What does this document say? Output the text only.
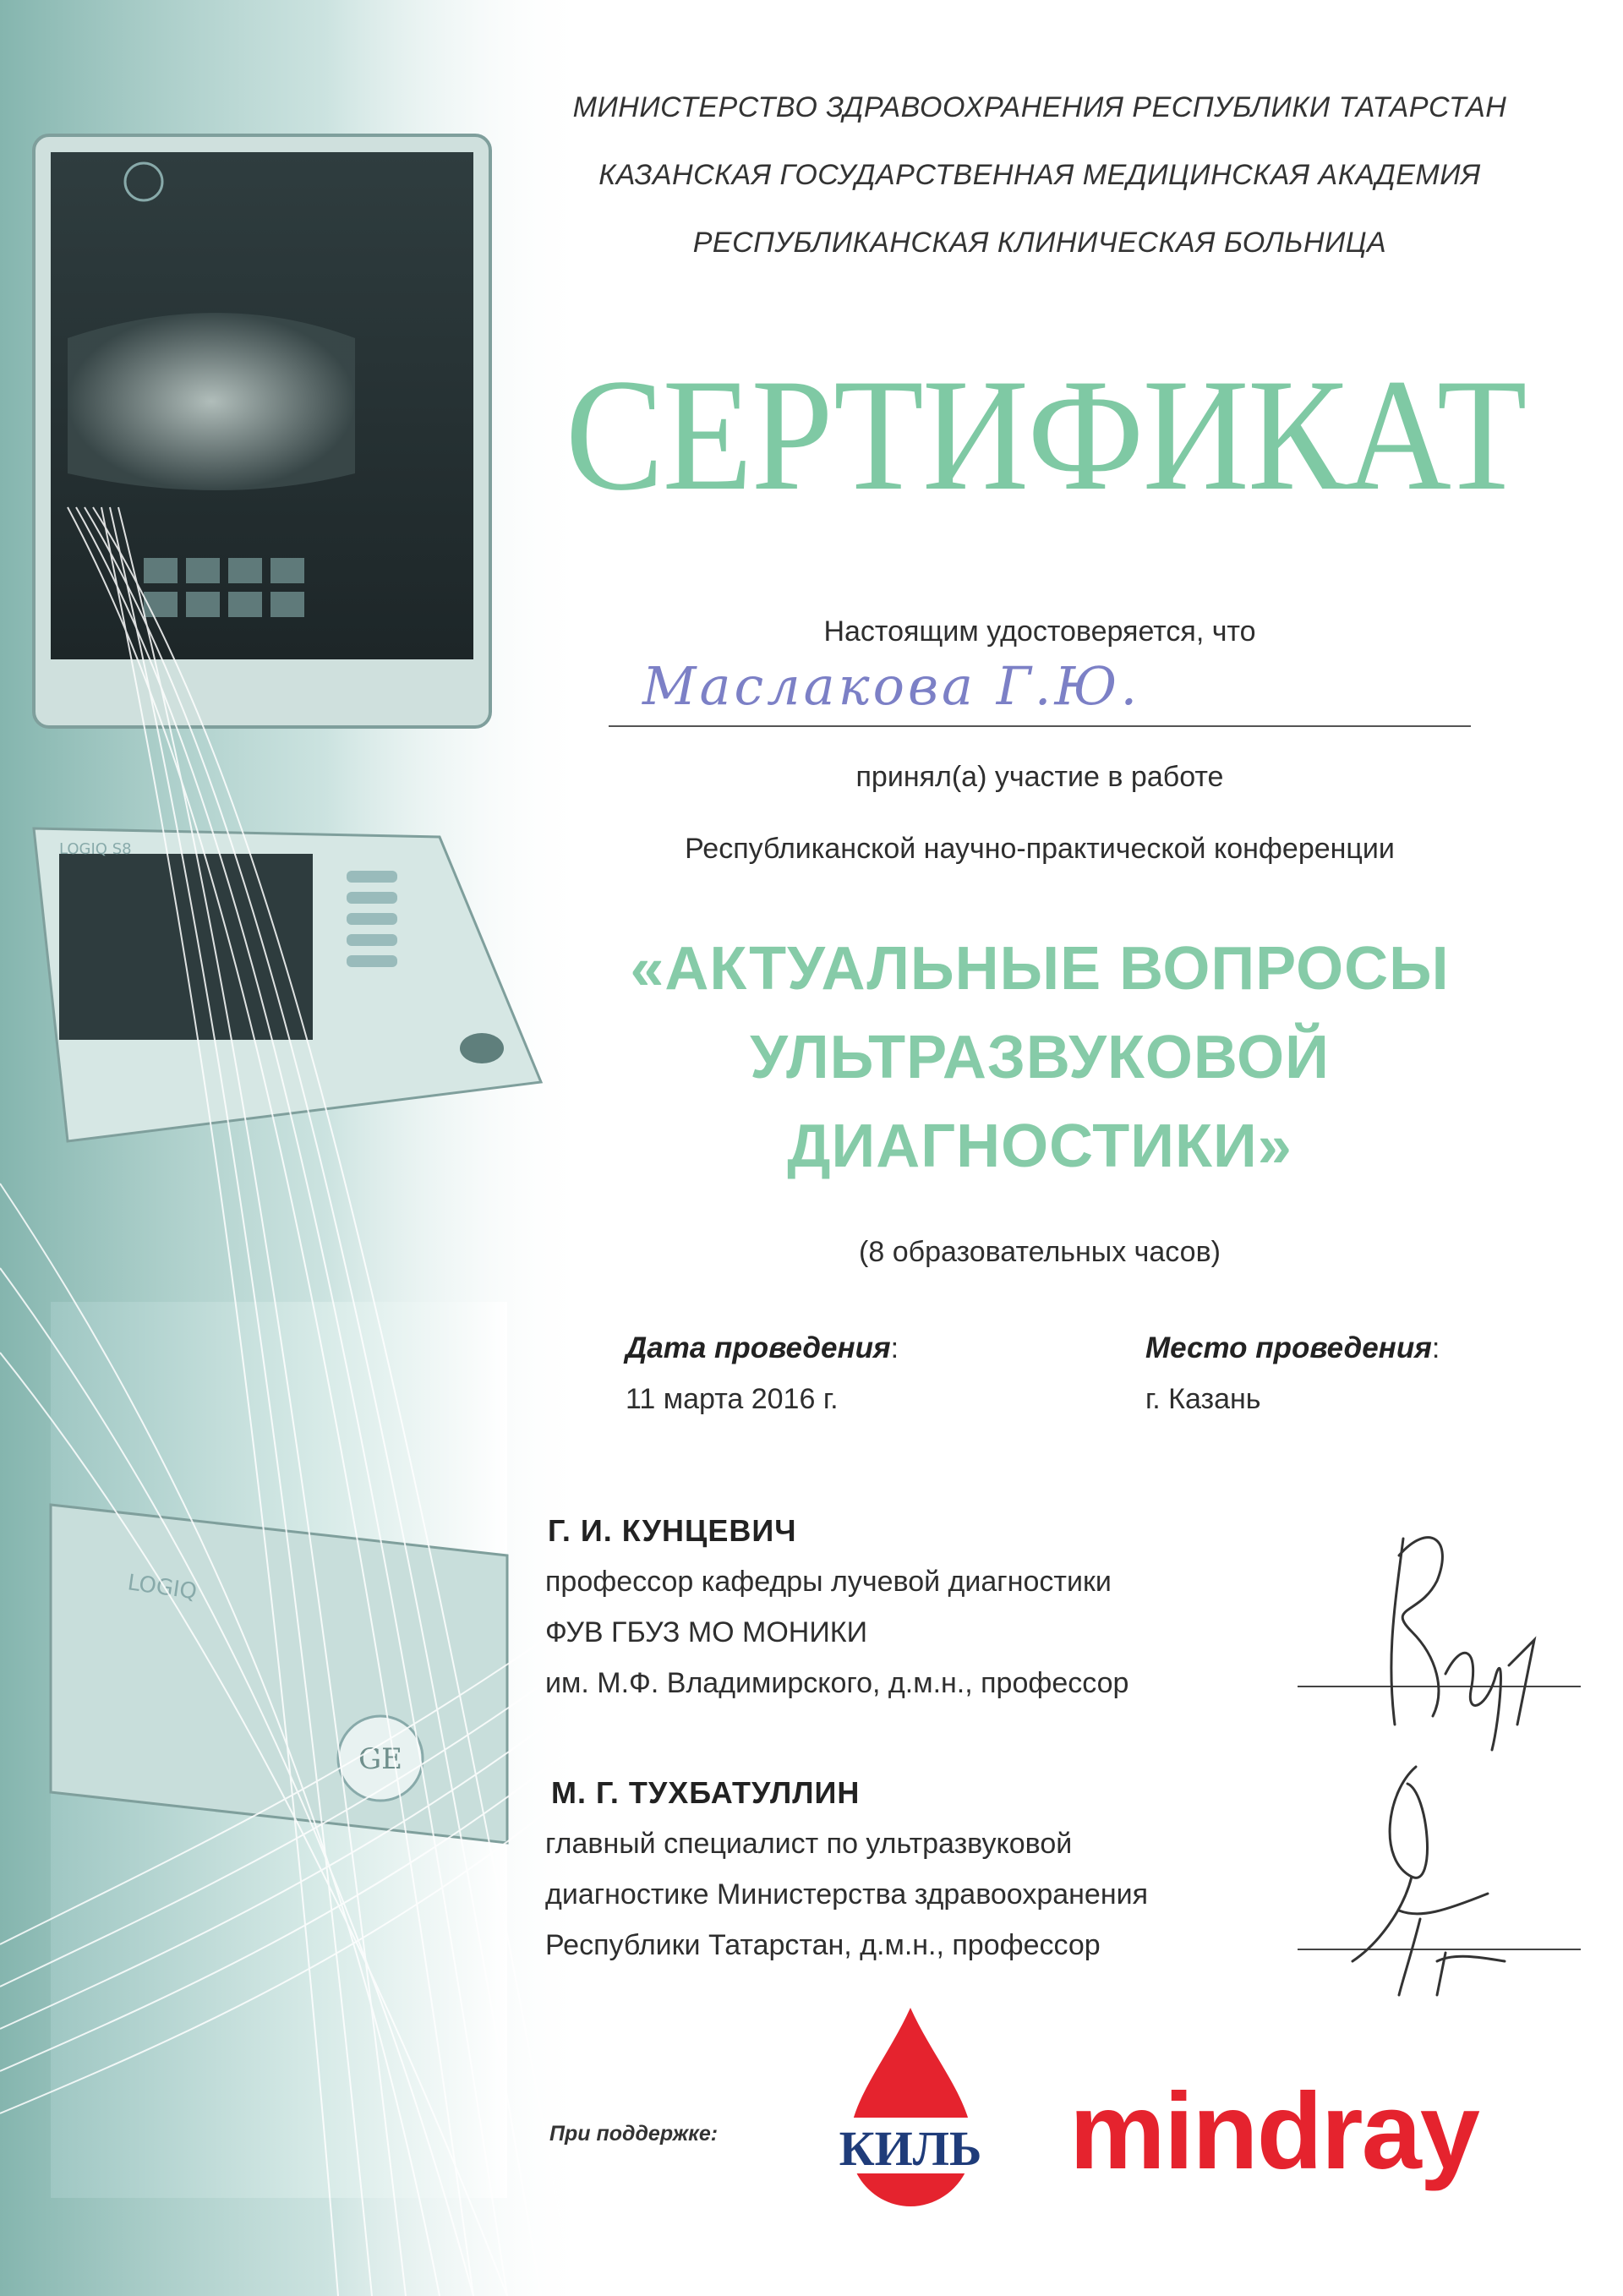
GE
LOGIQ
LOGIQ S8
МИНИСТЕРСТВО ЗДРАВООХРАНЕНИЯ РЕСПУБЛИКИ ТАТАРСТАН
КАЗАНСКАЯ ГОСУДАРСТВЕННАЯ МЕДИЦИНСКАЯ АКАДЕМИЯ
РЕСПУБЛИКАНСКАЯ КЛИНИЧЕСКАЯ БОЛЬНИЦА
СЕРТИФИКАТ
Настоящим удостоверяется, что
Маслакова Г.Ю.
принял(а) участие в работе
Республиканской научно-практической конференции
«АКТУАЛЬНЫЕ ВОПРОСЫ
УЛЬТРАЗВУКОВОЙ
ДИАГНОСТИКИ»
(8 образовательных часов)
Дата проведения:
11 марта 2016 г.
Место проведения:
г. Казань
Г. И. КУНЦЕВИЧ
профессор кафедры лучевой диагностики
ФУВ ГБУЗ МО МОНИКИ
им. М.Ф. Владимирского, д.м.н., профессор
М. Г. ТУХБАТУЛЛИН
главный специалист по ультразвуковой
диагностике Министерства здравоохранения
Республики Татарстан, д.м.н., профессор
При поддержке: КИЛЬ mindray
